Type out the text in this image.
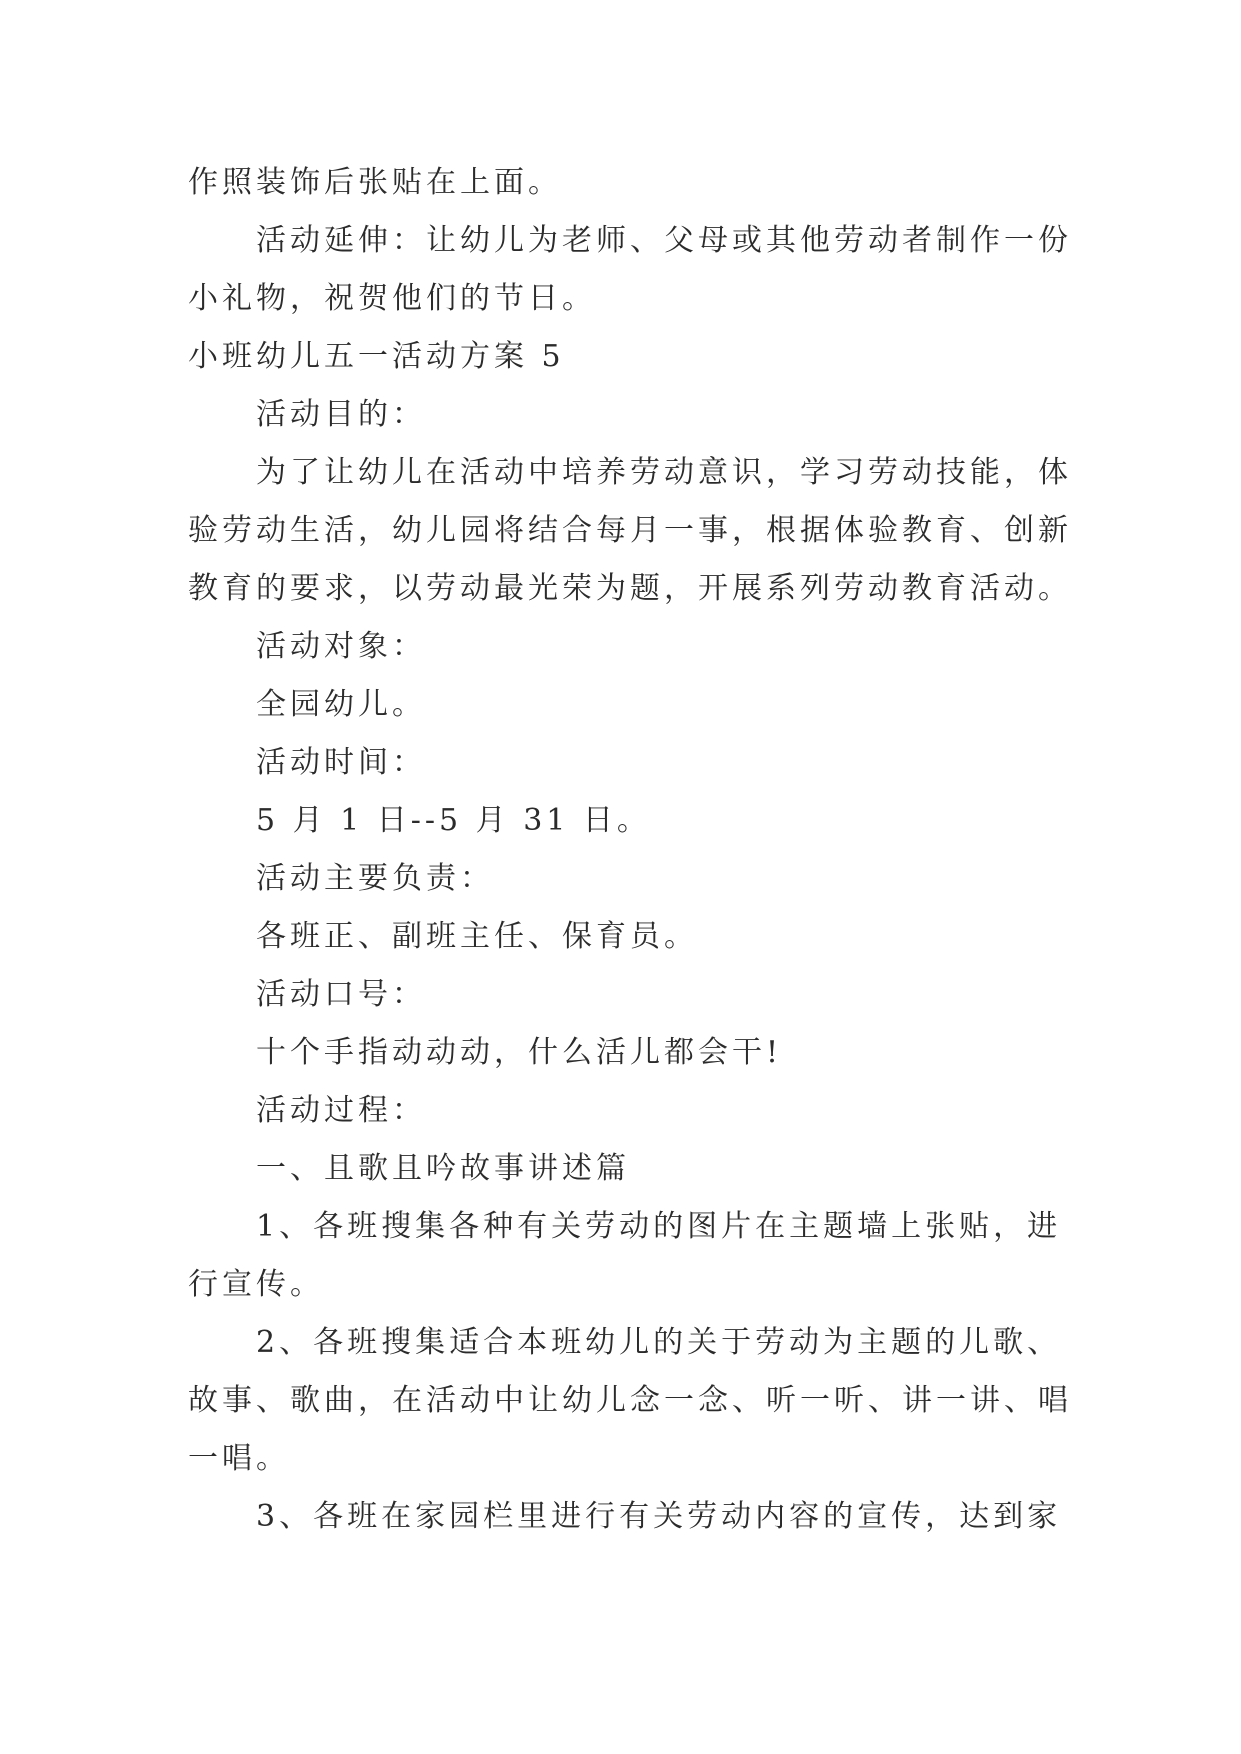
作照装饰后张贴在上面。
活动延伸：让幼儿为老师、父母或其他劳动者制作一份
小礼物，祝贺他们的节日。
小班幼儿五一活动方案 5
活动目的：
为了让幼儿在活动中培养劳动意识，学习劳动技能，体
验劳动生活，幼儿园将结合每月一事，根据体验教育、创新
教育的要求，以劳动最光荣为题，开展系列劳动教育活动。
活动对象：
全园幼儿。
活动时间：
5 月 1 日--5 月 31 日。
活动主要负责：
各班正、副班主任、保育员。
活动口号：
十个手指动动动，什么活儿都会干!
活动过程：
一、且歌且吟故事讲述篇
1、各班搜集各种有关劳动的图片在主题墙上张贴，进
行宣传。
2、各班搜集适合本班幼儿的关于劳动为主题的儿歌、
故事、歌曲，在活动中让幼儿念一念、听一听、讲一讲、唱
一唱。
3、各班在家园栏里进行有关劳动内容的宣传，达到家
